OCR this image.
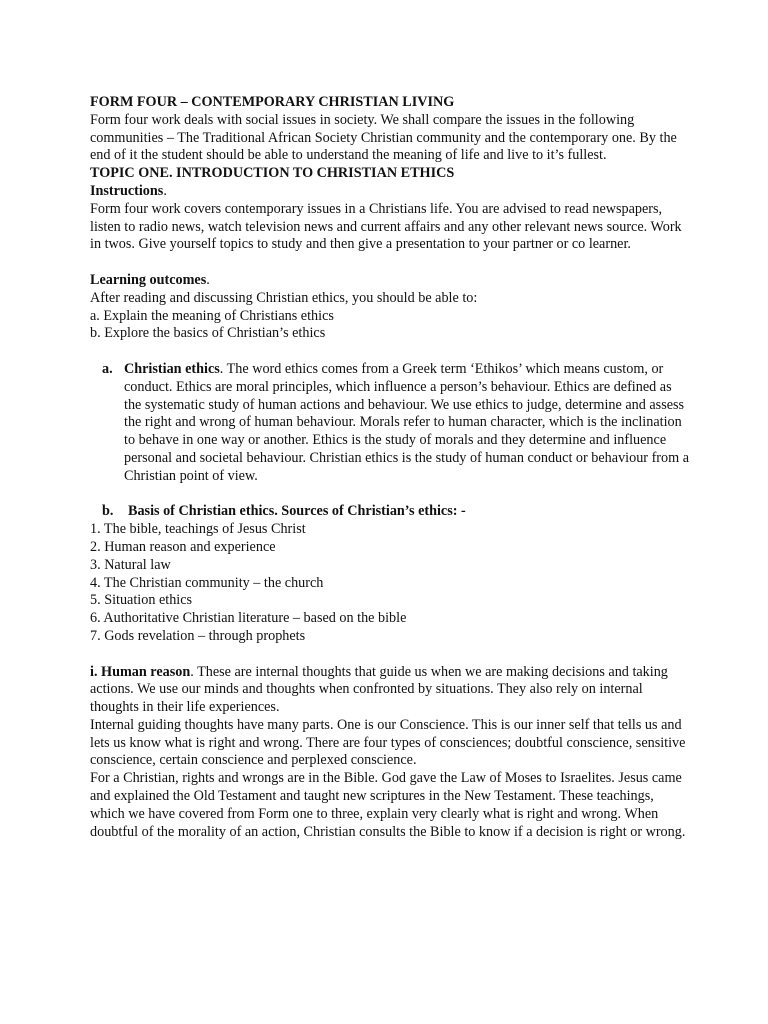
FORM FOUR – CONTEMPORARY CHRISTIAN LIVING

Form four work deals with social issues in society. We shall compare the issues in the following communities – The Traditional African Society Christian community and the contemporary one. By the end of it the student should be able to understand the meaning of life and live to it’s fullest.

TOPIC ONE. INTRODUCTION TO CHRISTIAN ETHICS

Instructions.

Form four work covers contemporary issues in a Christians life. You are advised to read newspapers, listen to radio news, watch television news and current affairs and any other relevant news source. Work in twos. Give yourself topics to study and then give a presentation to your partner or co learner.

Learning outcomes.

After reading and discussing Christian ethics, you should be able to:

a. Explain the meaning of Christians ethics
b. Explore the basics of Christian’s ethics
a. Christian ethics. The word ethics comes from a Greek term ‘Ethikos’ which means custom, or conduct. Ethics are moral principles, which influence a person’s behaviour. Ethics are defined as the systematic study of human actions and behaviour. We use ethics to judge, determine and assess the right and wrong of human behaviour. Morals refer to human character, which is the inclination to behave in one way or another. Ethics is the study of morals and they determine and influence personal and societal behaviour. Christian ethics is the study of human conduct or behaviour from a Christian point of view.
b.	Basis of Christian ethics. Sources of Christian’s ethics: -
1. The bible, teachings of Jesus Christ
2. Human reason and experience
3. Natural law
4. The Christian community – the church
5. Situation ethics
6. Authoritative Christian literature – based on the bible
7. Gods revelation – through prophets

i. Human reason. These are internal thoughts that guide us when we are making decisions and taking actions. We use our minds and thoughts when confronted by situations. They also rely on internal thoughts in their life experiences.

Internal guiding thoughts have many parts. One is our Conscience. This is our inner self that tells us and lets us know what is right and wrong. There are four types of consciences; doubtful conscience, sensitive conscience, certain conscience and perplexed conscience.

For a Christian, rights and wrongs are in the Bible. God gave the Law of Moses to Israelites. Jesus came and explained the Old Testament and taught new scriptures in the New Testament. These teachings, which we have covered from Form one to three, explain very clearly what is right and wrong. When doubtful of the morality of an action, Christian consults the Bible to know if a decision is right or wrong.
